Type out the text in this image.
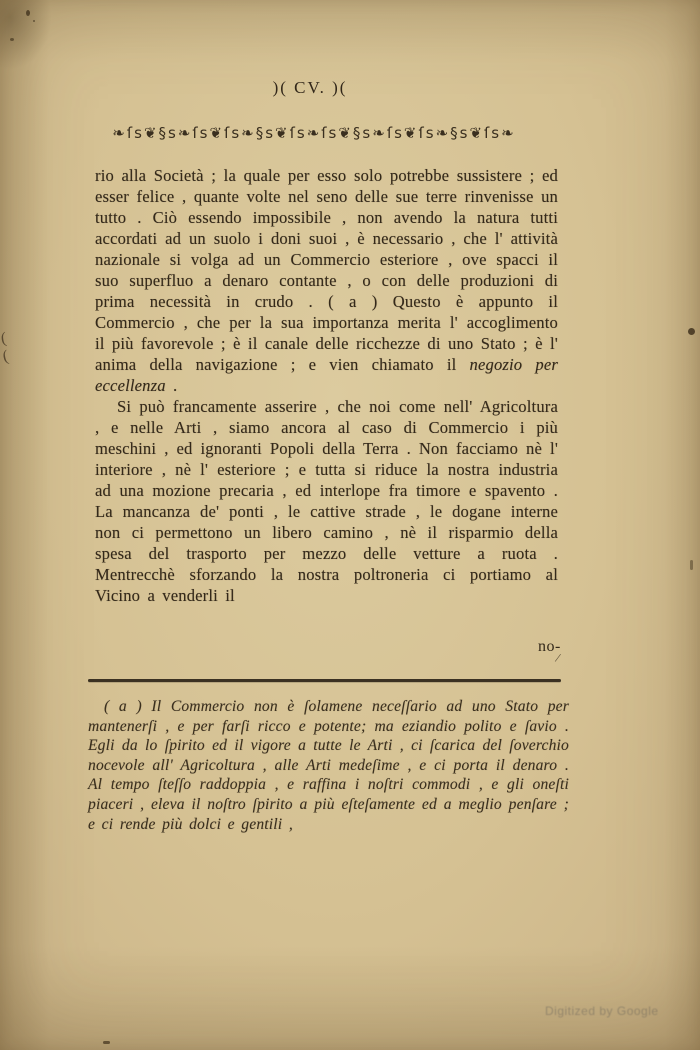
)( CV. )(
❧ſs❦§s❧ſs❦ſs❧§s❦ſs❧ſs❦§s❧ſs❦ſs❧§s❦ſs❧

rio alla Società ; la quale per esso solo potrebbe sussistere ; ed esser felice , quante volte nel seno delle sue terre rinvenisse un tutto . Ciò essendo impossibile , non avendo la natura tutti accordati ad un suolo i doni suoi , è necessario , che l' attività nazionale si volga ad un Commercio esteriore , ove spacci il suo superfluo a denaro contante , o con delle produzioni di prima necessità in crudo . ( a ) Questo è appunto il Commercio , che per la sua importanza merita l' accoglimento il più favorevole ; è il canale delle ricchezze di uno Stato ; è l' anima della navigazione ; e vien chiamato il negozio per eccellenza .

Si può francamente asserire , che noi come nell' Agricoltura , e nelle Arti , siamo ancora al caso di Commercio i più meschini , ed ignoranti Popoli della Terra . Non facciamo nè l' interiore , nè l' esteriore ; e tutta si riduce la nostra industria ad una mozione precaria , ed interlope fra timore e spavento . La mancanza de' ponti , le cattive strade , le dogane interne non ci permettono un libero camino , nè il risparmio della spesa del trasporto per mezzo delle vetture a ruota . Mentrecchè sforzando la nostra poltroneria ci portiamo al Vicino a venderli il

no-

( a ) Il Commercio non è ſolamene neceſſario ad uno Stato per mantenerſi , e per farſi ricco e potente; ma eziandio polito e ſavio . Egli da lo ſpirito ed il vigore a tutte le Arti , ci ſcarica del ſoverchio nocevole all' Agricoltura , alle Arti medeſime , e ci porta il denaro . Al tempo ſteſſo raddoppia , e raffina i noſtri commodi , e gli oneſti piaceri , eleva il noſtro ſpirito a più eſteſamente ed a meglio penſare ; e ci rende più dolci e gentili ,

Digitized by Google
(
(
/
